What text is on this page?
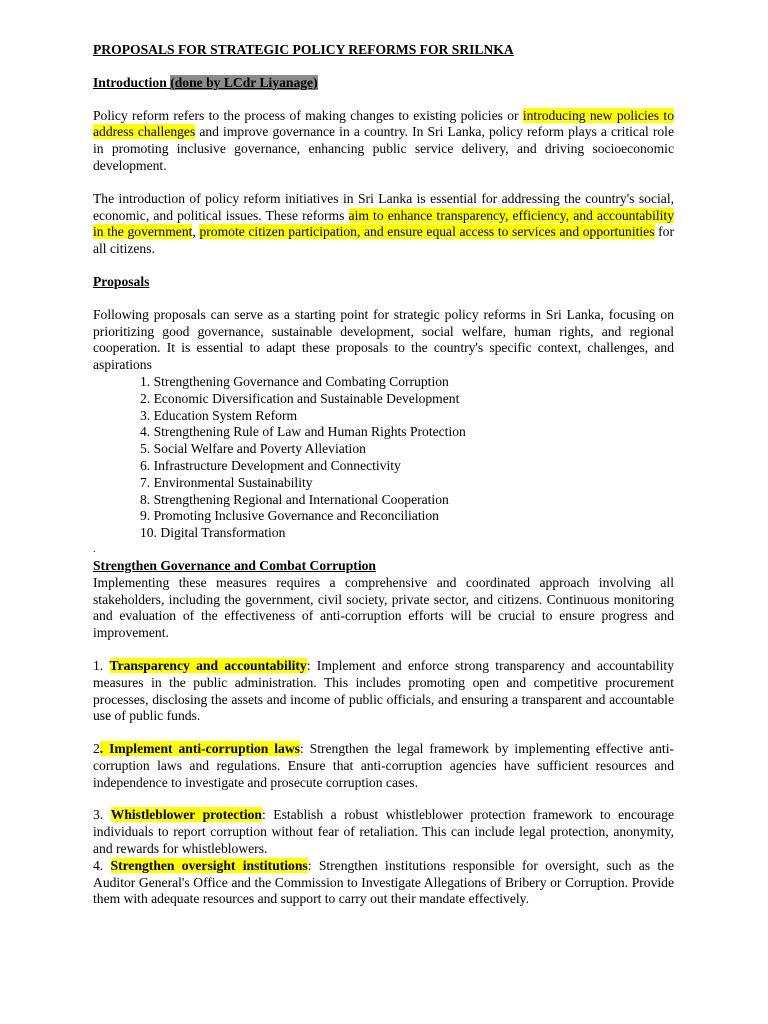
PROPOSALS FOR STRATEGIC POLICY REFORMS FOR SRILNKA
Introduction (done by LCdr Liyanage)

Policy reform refers to the process of making changes to existing policies or introducing new policies to address challenges and improve governance in a country. In Sri Lanka, policy reform plays a critical role in promoting inclusive governance, enhancing public service delivery, and driving socioeconomic development.

The introduction of policy reform initiatives in Sri Lanka is essential for addressing the country's social, economic, and political issues. These reforms aim to enhance transparency, efficiency, and accountability in the government, promote citizen participation, and ensure equal access to services and opportunities for all citizens.

Proposals

Following proposals can serve as a starting point for strategic policy reforms in Sri Lanka, focusing on prioritizing good governance, sustainable development, social welfare, human rights, and regional cooperation. It is essential to adapt these proposals to the country's specific context, challenges, and aspirations

1. Strengthening Governance and Combating Corruption
2. Economic Diversification and Sustainable Development
3. Education System Reform
4. Strengthening Rule of Law and Human Rights Protection
5. Social Welfare and Poverty Alleviation
6. Infrastructure Development and Connectivity
7. Environmental Sustainability
8. Strengthening Regional and International Cooperation
9. Promoting Inclusive Governance and Reconciliation
10. Digital Transformation
.
Strengthen Governance and Combat Corruption

Implementing these measures requires a comprehensive and coordinated approach involving all stakeholders, including the government, civil society, private sector, and citizens. Continuous monitoring and evaluation of the effectiveness of anti-corruption efforts will be crucial to ensure progress and improvement.

1. Transparency and accountability: Implement and enforce strong transparency and accountability measures in the public administration. This includes promoting open and competitive procurement processes, disclosing the assets and income of public officials, and ensuring a transparent and accountable use of public funds.

2. Implement anti-corruption laws: Strengthen the legal framework by implementing effective anti-corruption laws and regulations. Ensure that anti-corruption agencies have sufficient resources and independence to investigate and prosecute corruption cases.

3. Whistleblower protection: Establish a robust whistleblower protection framework to encourage individuals to report corruption without fear of retaliation. This can include legal protection, anonymity, and rewards for whistleblowers.

4. Strengthen oversight institutions: Strengthen institutions responsible for oversight, such as the Auditor General's Office and the Commission to Investigate Allegations of Bribery or Corruption. Provide them with adequate resources and support to carry out their mandate effectively.
